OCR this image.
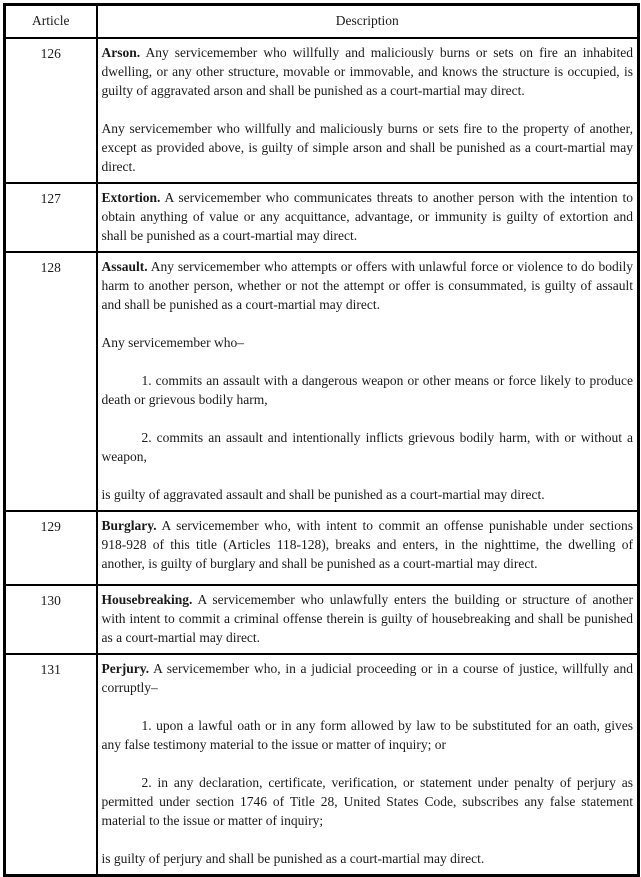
Article	Description
126	Arson. Any servicemember who willfully and maliciously burns or sets on fire an inhabited dwelling, or any other structure, movable or immovable, and knows the structure is occupied, is guilty of aggravated arson and shall be punished as a court-martial may direct.

Any servicemember who willfully and maliciously burns or sets fire to the property of another, except as provided above, is guilty of simple arson and shall be punished as a court-martial may direct.

127	Extortion. A servicemember who communicates threats to another person with the intention to obtain anything of value or any acquittance, advantage, or immunity is guilty of extortion and shall be punished as a court-martial may direct.

128	Assault. Any servicemember who attempts or offers with unlawful force or violence to do bodily harm to another person, whether or not the attempt or offer is consummated, is guilty of assault and shall be punished as a court-martial may direct.

Any servicemember who–

1. commits an assault with a dangerous weapon or other means or force likely to produce death or grievous bodily harm,

2. commits an assault and intentionally inflicts grievous bodily harm, with or without a weapon,

is guilty of aggravated assault and shall be punished as a court-martial may direct.

129	Burglary. A servicemember who, with intent to commit an offense punishable under sections 918-928 of this title (Articles 118-128), breaks and enters, in the nighttime, the dwelling of another, is guilty of burglary and shall be punished as a court-martial may direct.

130	Housebreaking. A servicemember who unlawfully enters the building or structure of another with intent to commit a criminal offense therein is guilty of housebreaking and shall be punished as a court-martial may direct.

131	Perjury. A servicemember who, in a judicial proceeding or in a course of justice, willfully and corruptly–

1. upon a lawful oath or in any form allowed by law to be substituted for an oath, gives any false testimony material to the issue or matter of inquiry; or

2. in any declaration, certificate, verification, or statement under penalty of perjury as permitted under section 1746 of Title 28, United States Code, subscribes any false statement material to the issue or matter of inquiry;

is guilty of perjury and shall be punished as a court-martial may direct.
